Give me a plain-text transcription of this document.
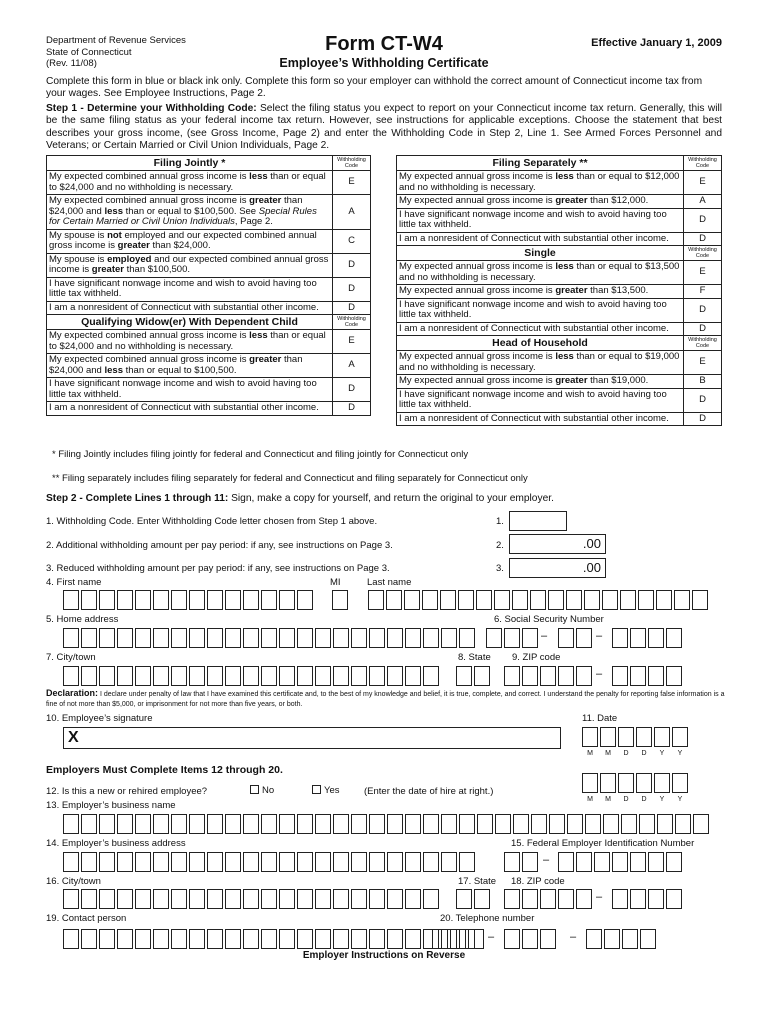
Department of Revenue Services
State of Connecticut
(Rev. 11/08)
Form CT-W4
Employee’s Withholding Certificate
Effective January 1, 2009
Complete this form in blue or black ink only. Complete this form so your employer can withhold the correct amount of Connecticut income tax from your wages. See Employee Instructions, Page 2.
Step 1 - Determine your Withholding Code: Select the filing status you expect to report on your Connecticut income tax return. Generally, this will be the same filing status as your federal income tax return. However, see instructions for applicable exceptions. Choose the statement that best describes your gross income, (see Gross Income, Page 2) and enter the Withholding Code in Step 2, Line 1. See Armed Forces Personnel and Veterans; or Certain Married or Civil Union Individuals, Page 2.
Filing Jointly *	Withholding Code
My expected combined annual gross income is less than or equal to $24,000 and no withholding is necessary.	E
My expected combined annual gross income is greater than $24,000 and less than or equal to $100,500. See Special Rules for Certain Married or Civil Union Individuals, Page 2.	A
My spouse is not employed and our expected combined annual gross income is greater than $24,000.	C
My spouse is employed and our expected combined annual gross income is greater than $100,500.	D
I have significant nonwage income and wish to avoid having too little tax withheld.	D
I am a nonresident of Connecticut with substantial other income.	D
Qualifying Widow(er) With Dependent Child	Withholding Code
My expected combined annual gross income is less than or equal to $24,000 and no withholding is necessary.	E
My expected combined annual gross income is greater than $24,000 and less than or equal to $100,500.	A
I have significant nonwage income and wish to avoid having too little tax withheld.	D
I am a nonresident of Connecticut with substantial other income.	D
Filing Separately **	Withholding Code
My expected annual gross income is less than or equal to $12,000 and no withholding is necessary.	E
My expected annual gross income is greater than $12,000.	A
I have significant nonwage income and wish to avoid having too little tax withheld.	D
I am a nonresident of Connecticut with substantial other income.	D
Single	Withholding Code
My expected annual gross income is less than or equal to $13,500 and no withholding is necessary.	E
My expected annual gross income is greater than $13,500.	F
I have significant nonwage income and wish to avoid having too little tax withheld.	D
I am a nonresident of Connecticut with substantial other income.	D
Head of Household	Withholding Code
My expected annual gross income is less than or equal to $19,000 and no withholding is necessary.	E
My expected annual gross income is greater than $19,000.	B
I have significant nonwage income and wish to avoid having too little tax withheld.	D
I am a nonresident of Connecticut with substantial other income.	D
* Filing Jointly includes filing jointly for federal and Connecticut and filing jointly for Connecticut only
** Filing separately includes filing separately for federal and Connecticut and filing separately for Connecticut only
Step 2 - Complete Lines 1 through 11: Sign, make a copy for yourself, and return the original to your employer.
1. Withholding Code. Enter Withholding Code letter chosen from Step 1 above.	1.
2. Additional withholding amount per pay period: if any, see instructions on Page 3.	2.	.00
3. Reduced withholding amount per pay period: if any, see instructions on Page 3.	3.	.00
4. First name	MI	Last name
5. Home address	6. Social Security Number
–	–
7. City/town	8. State 9. ZIP code
–
Declaration: I declare under penalty of law that I have examined this certificate and, to the best of my knowledge and belief, it is true, complete, and correct. I understand the penalty for reporting false information is a fine of not more than $5,000, or imprisonment for not more than five years, or both.
10. Employee’s signature	11. Date
X
M	M	D	D	Y	Y
Employers Must Complete Items 12 through 20.
12. Is this a new or rehired employee?	No	Yes	(Enter the date of hire at right.)
M	M	D	D	Y	Y
13. Employer’s business name
14. Employer’s business address	15. Federal Employer Identification Number
–
16. City/town	17. State 18. ZIP code
–
19. Contact person	20. Telephone number
–	–
Employer Instructions on Reverse
